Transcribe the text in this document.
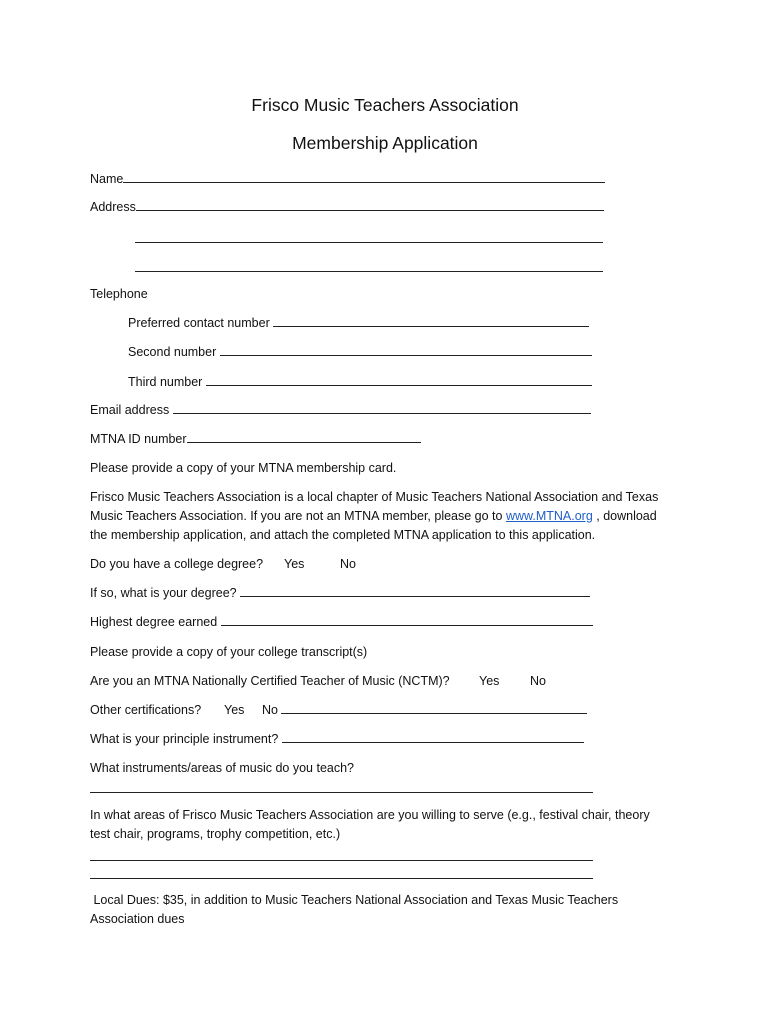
Frisco Music Teachers Association
Membership Application
Name
Address
Telephone
Preferred contact number
Second number
Third number
Email address
MTNA ID number
Please provide a copy of your MTNA membership card.
Frisco Music Teachers Association is a local chapter of Music Teachers National Association and Texas
Music Teachers Association. If you are not an MTNA member, please go to www.MTNA.org , download
the membership application, and attach the completed MTNA application to this application.
Do you have a college degree? Yes	No
If so, what is your degree?
Highest degree earned
Please provide a copy of your college transcript(s)
Are you an MTNA Nationally Certified Teacher of Music (NCTM)? Yes No
Other certifications? Yes No
What is your principle instrument?
What instruments/areas of music do you teach?
In what areas of Frisco Music Teachers Association are you willing to serve (e.g., festival chair, theory
test chair, programs, trophy competition, etc.)
Local Dues: $35, in addition to Music Teachers National Association and Texas Music Teachers
Association dues
